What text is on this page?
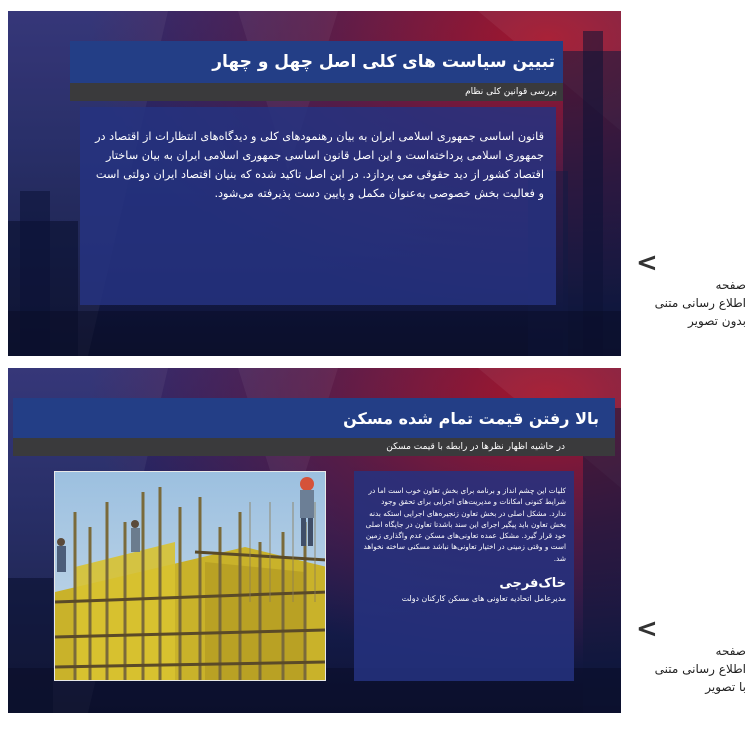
تبیین سیاست های کلی اصل چهل و چهار
بررسی قوانین کلی نظام

قانون اساسی جمهوری اسلامی ایران به بیان رهنمودهای کلی و دیدگاه‌های انتظارات از اقتصاد در جمهوری اسلامی پرداخته‌است و این اصل قانون اساسی جمهوری اسلامی ایران به بیان ساختار اقتصاد کشور از دید حقوقی می پردازد. در این اصل تاکید شده که بنیان اقتصاد ایران دولتی است و فعالیت بخش خصوصی به‌عنوان مکمل و پایین دست پذیرفته می‌شود.

بالا رفتن قیمت تمام شده مسکن
در حاشیه اظهار نظرها در رابطه با قیمت مسکن

کلیات این چشم انداز و برنامه برای بخش تعاون خوب است اما در شرایط کنونی امکانات و مدیریت‌های اجرایی برای تحقق وجود ندارد. مشکل اصلی در بخش تعاون زنجیره‌های اجرایی استکه بدنه بخش تعاون باید پیگیر اجرای این سند باشدتا تعاون در جایگاه اصلی خود قرار گیرد. مشکل عمده تعاونی‌های مسکن عدم واگذاری زمین است و وقتی زمینی در اختیار تعاونی‌ها نباشد مسکنی ساخته نخواهد شد.

خاک‌فرجی
مدیرعامل اتحادیه تعاونی های مسکن کارکنان دولت
<
صفحه
اطلاع رسانی متنی
بدون تصویر
<
صفحه
اطلاع رسانی متنی
با تصویر
